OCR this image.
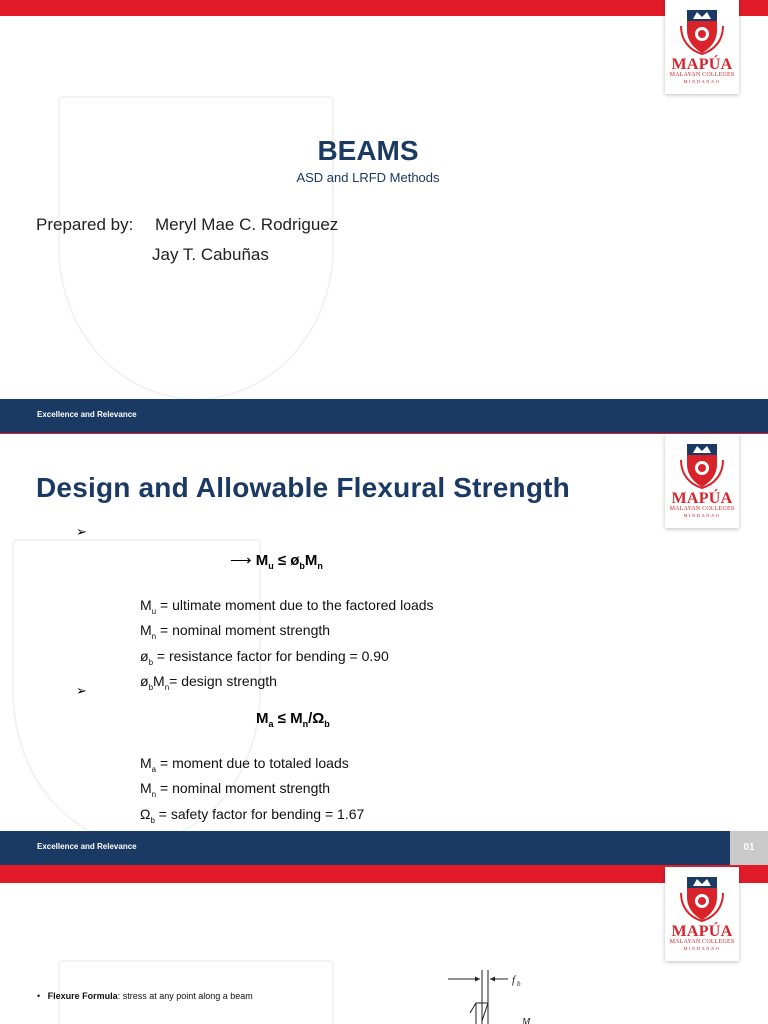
MAPÚA
MALAYAN COLLEGES
MINDANAO
BEAMS
ASD and LRFD Methods
Prepared by: Meryl Mae C. Rodriguez
Jay T. Cabuñas
Excellence and Relevance
MAPÚA
MALAYAN COLLEGES
MINDANAO
Design and Allowable Flexural Strength
➢
⟶ $M_u$ ≤ $ø_bM_n$
$M_u$ = ultimate moment due to the factored loads
$M_n$ = nominal moment strength
$ø_b$ = resistance factor for bending = 0.90
$ø_bM_n=$ design strength
➢
$M_a \le M_n/\Omega_b$
$M_a$ = moment due to totaled loads
$M_n$ = nominal moment strength
$\Omega_b$ = safety factor for bending = 1.67
Excellence and Relevance	01
MAPÚA
MALAYAN COLLEGES
MINDANAO
• Flexure Formula: stress at any point along a beam
f b
M
